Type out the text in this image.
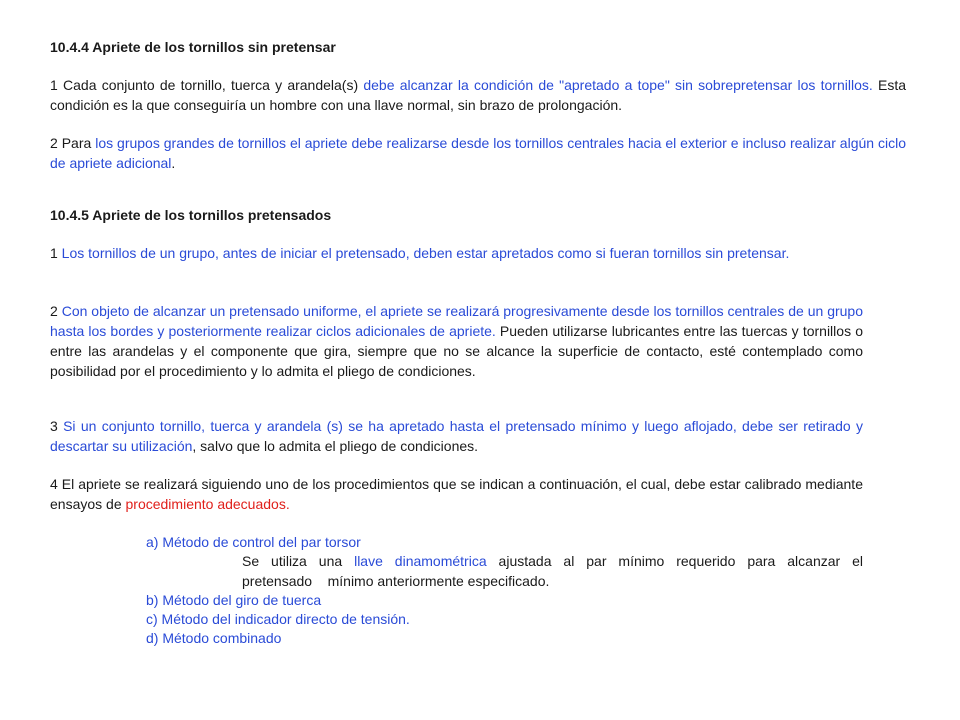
10.4.4 Apriete de los tornillos sin pretensar

1 Cada conjunto de tornillo, tuerca y arandela(s) debe alcanzar la condición de "apretado a tope" sin sobrepretensar los tornillos. Esta condición es la que conseguiría un hombre con una llave normal, sin brazo de prolongación.

2 Para los grupos grandes de tornillos el apriete debe realizarse desde los tornillos centrales hacia el exterior e incluso realizar algún ciclo de apriete adicional.

10.4.5 Apriete de los tornillos pretensados

1 Los tornillos de un grupo, antes de iniciar el pretensado, deben estar apretados como si fueran tornillos sin pretensar.

2 Con objeto de alcanzar un pretensado uniforme, el apriete se realizará progresivamente desde los tornillos centrales de un grupo hasta los bordes y posteriormente realizar ciclos adicionales de apriete. Pueden utilizarse lubricantes entre las tuercas y tornillos o entre las arandelas y el componente que gira, siempre que no se alcance la superficie de contacto, esté contemplado como posibilidad por el procedimiento y lo admita el pliego de condiciones.

3 Si un conjunto tornillo, tuerca y arandela (s) se ha apretado hasta el pretensado mínimo y luego aflojado, debe ser retirado y descartar su utilización, salvo que lo admita el pliego de condiciones.

4 El apriete se realizará siguiendo uno de los procedimientos que se indican a continuación, el cual, debe estar calibrado mediante ensayos de procedimiento adecuados.

a) Método de control del par torsor
Se utiliza una llave dinamométrica ajustada al par mínimo requerido para alcanzar el
pretensado    mínimo anteriormente especificado.
b) Método del giro de tuerca
c) Método del indicador directo de tensión.
d) Método combinado
